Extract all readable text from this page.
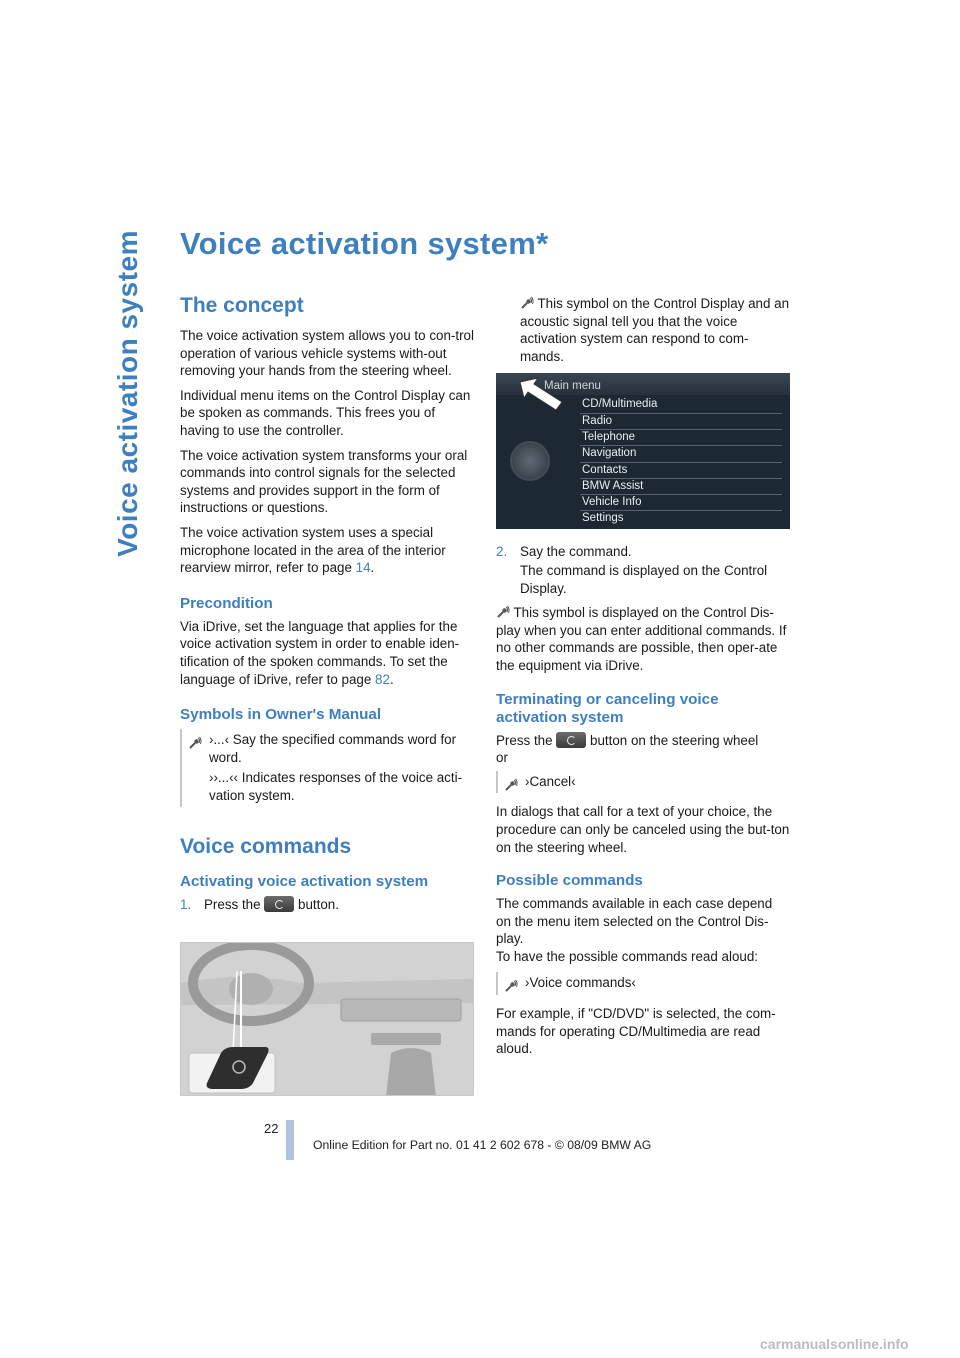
Voice activation system Voice activation system*
The concept

The voice activation system allows you to con-trol operation of various vehicle systems with-out removing your hands from the steering wheel.

Individual menu items on the Control Display can be spoken as commands. This frees you of having to use the controller.

The voice activation system transforms your oral commands into control signals for the selected systems and provides support in the form of instructions or questions.

The voice activation system uses a special microphone located in the area of the interior rearview mirror, refer to page 14.

Precondition

Via iDrive, set the language that applies for the voice activation system in order to enable iden-tification of the spoken commands. To set the language of iDrive, refer to page 82.

Symbols in Owner's Manual

›...‹ Say the specified commands word for word.

››...‹‹ Indicates responses of the voice acti-vation system.

Voice commands
Activating voice activation system

1. Press the  button.

This symbol on the Control Display and an acoustic signal tell you that the voice activation system can respond to com-mands.

Main menu
CD/Multimedia
Radio
Telephone
Navigation
Contacts
BMW Assist
Vehicle Info
Settings

2. Say the command.

The command is displayed on the Control Display.

This symbol is displayed on the Control Dis-play when you can enter additional commands. If no other commands are possible, then oper-ate the equipment via iDrive.

Terminating or canceling voice activation system

Press the  button on the steering wheel

or

›Cancel‹

In dialogs that call for a text of your choice, the procedure can only be canceled using the but-ton on the steering wheel.

Possible commands

The commands available in each case depend on the menu item selected on the Control Dis-play.

To have the possible commands read aloud:

›Voice commands‹

For example, if "CD/DVD" is selected, the com-mands for operating CD/Multimedia are read aloud.

22
Online Edition for Part no. 01 41 2 602 678 - © 08/09 BMW AG
carmanualsonline.info
